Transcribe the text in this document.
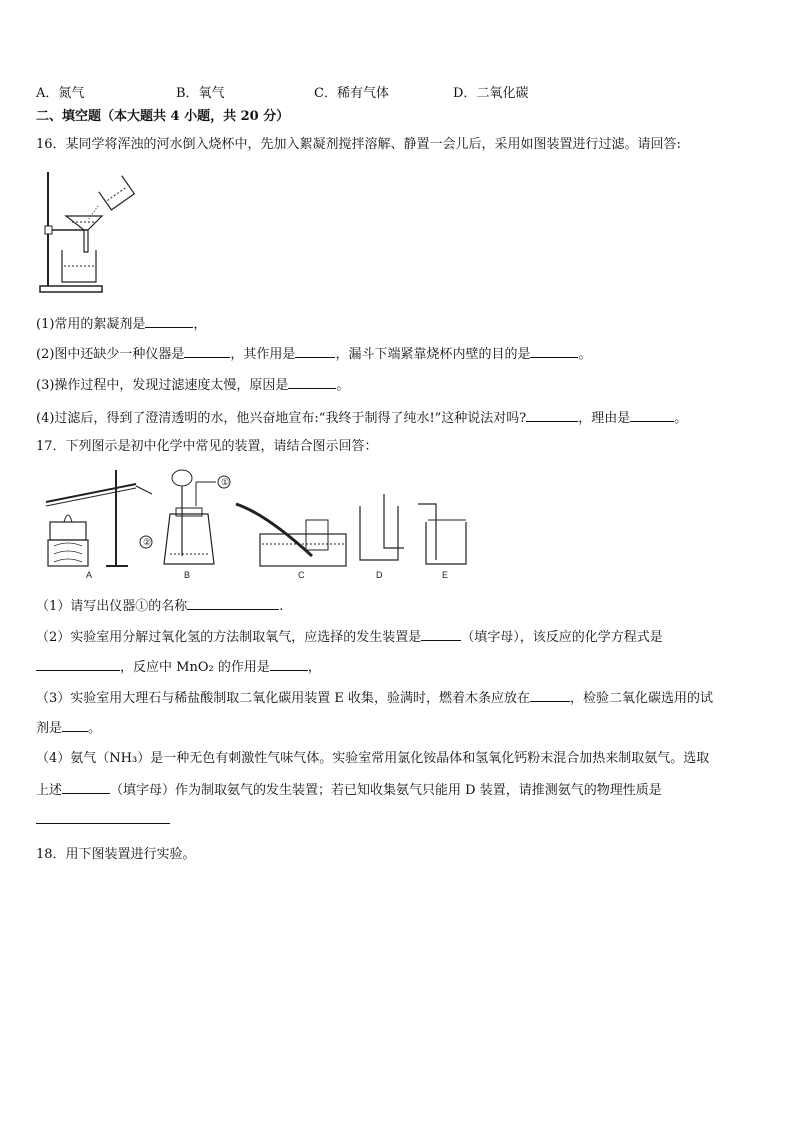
A．氮气	B．氧气	C．稀有气体	D．二氧化碳
二、填空题（本大题共 4 小题，共 20 分）
16．某同学将浑浊的河水倒入烧杯中，先加入絮凝剂搅拌溶解、静置一会儿后，采用如图装置进行过滤。请回答:
(1)常用的絮凝剂是	，
(2)图中还缺少一种仪器是	，其作用是	，漏斗下端紧靠烧杯内壁的目的是	。
(3)操作过程中，发现过滤速度太慢，原因是	。
(4)过滤后，得到了澄清透明的水，他兴奋地宣布:“我终于制得了纯水!”这种说法对吗?	，理由是	。
17．下列图示是初中化学中常见的装置，请结合图示回答：
A
①
②
B	C	D	E
（1）请写出仪器①的名称	.
（2）实验室用分解过氧化氢的方法制取氧气，应选择的发生装置是	（填字母），该反应的化学方程式是
，反应中 MnO₂ 的作用是	，
（3）实验室用大理石与稀盐酸制取二氧化碳用装置 E 收集，验满时，燃着木条应放在	，检验二氧化碳选用的试
剂是 。
（4）氨气（NH₃）是一种无色有刺激性气味气体。实验室常用氯化铵晶体和氢氧化钙粉末混合加热来制取氨气。选取
上述	（填字母）作为制取氨气的发生装置；若已知收集氨气只能用 D 装置，请推测氨气的物理性质是
18．用下图装置进行实验。
